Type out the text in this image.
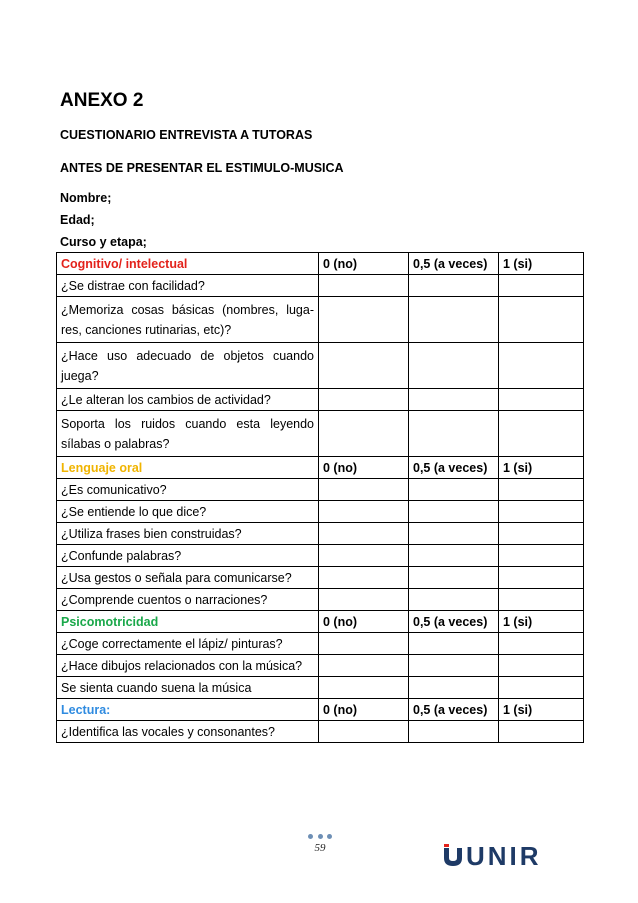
ANEXO 2

CUESTIONARIO ENTREVISTA A TUTORAS

ANTES DE PRESENTAR EL ESTIMULO-MUSICA

Nombre;

Edad;

Curso y etapa;

Cognitivo/ intelectual	0 (no)	0,5 (a veces)	1 (si)
¿Se distrae con facilidad?			
¿Memoriza cosas básicas (nombres, luga-res, canciones rutinarias, etc)?			
¿Hace uso adecuado de objetos cuando juega?			
¿Le alteran los cambios de actividad?			
Soporta los ruidos cuando esta leyendo sílabas o palabras?			
Lenguaje oral	0 (no)	0,5 (a veces)	1 (si)
¿Es comunicativo?			
¿Se entiende lo que dice?			
¿Utiliza frases bien construidas?			
¿Confunde palabras?			
¿Usa gestos o señala para comunicarse?			
¿Comprende cuentos o narraciones?			
Psicomotricidad	0 (no)	0,5 (a veces)	1 (si)
¿Coge correctamente el lápiz/ pinturas?			
¿Hace dibujos relacionados con la música?			
Se sienta cuando suena la música			
Lectura:	0 (no)	0,5 (a veces)	1 (si)
¿Identifica las vocales y consonantes?			
59	UNIR
